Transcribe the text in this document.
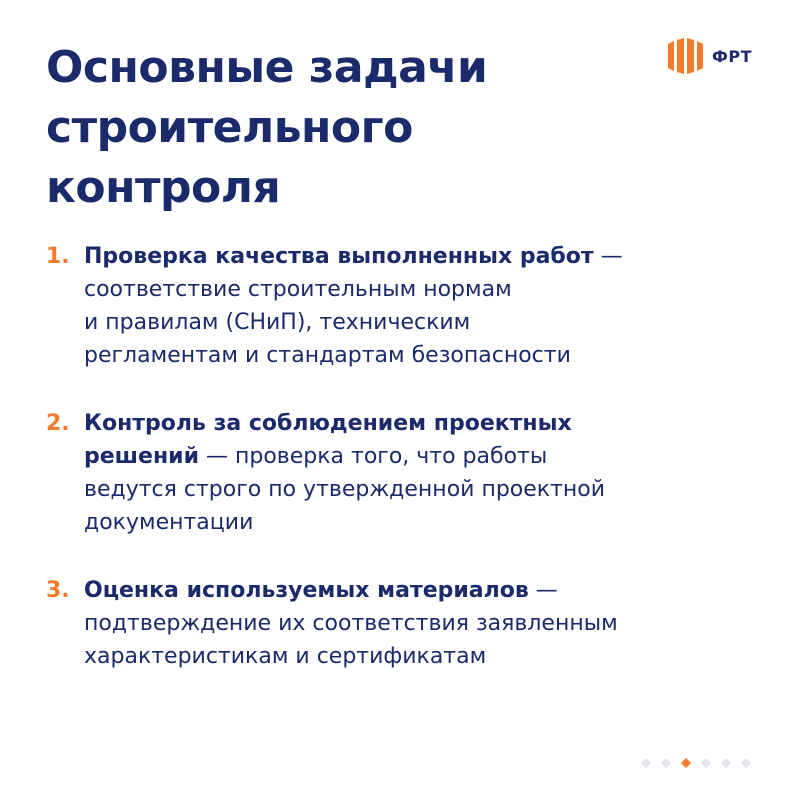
Основные задачи
строительного
контроля
ФРТ
1. Проверка качества выполненных работ —
соответствие строительным нормам
и правилам (СНиП), техническим
регламентам и стандартам безопасности
2. Контроль за соблюдением проектных
решений — проверка того, что работы
ведутся строго по утвержденной проектной
документации
3. Оценка используемых материалов —
подтверждение их соответствия заявленным
характеристикам и сертификатам
